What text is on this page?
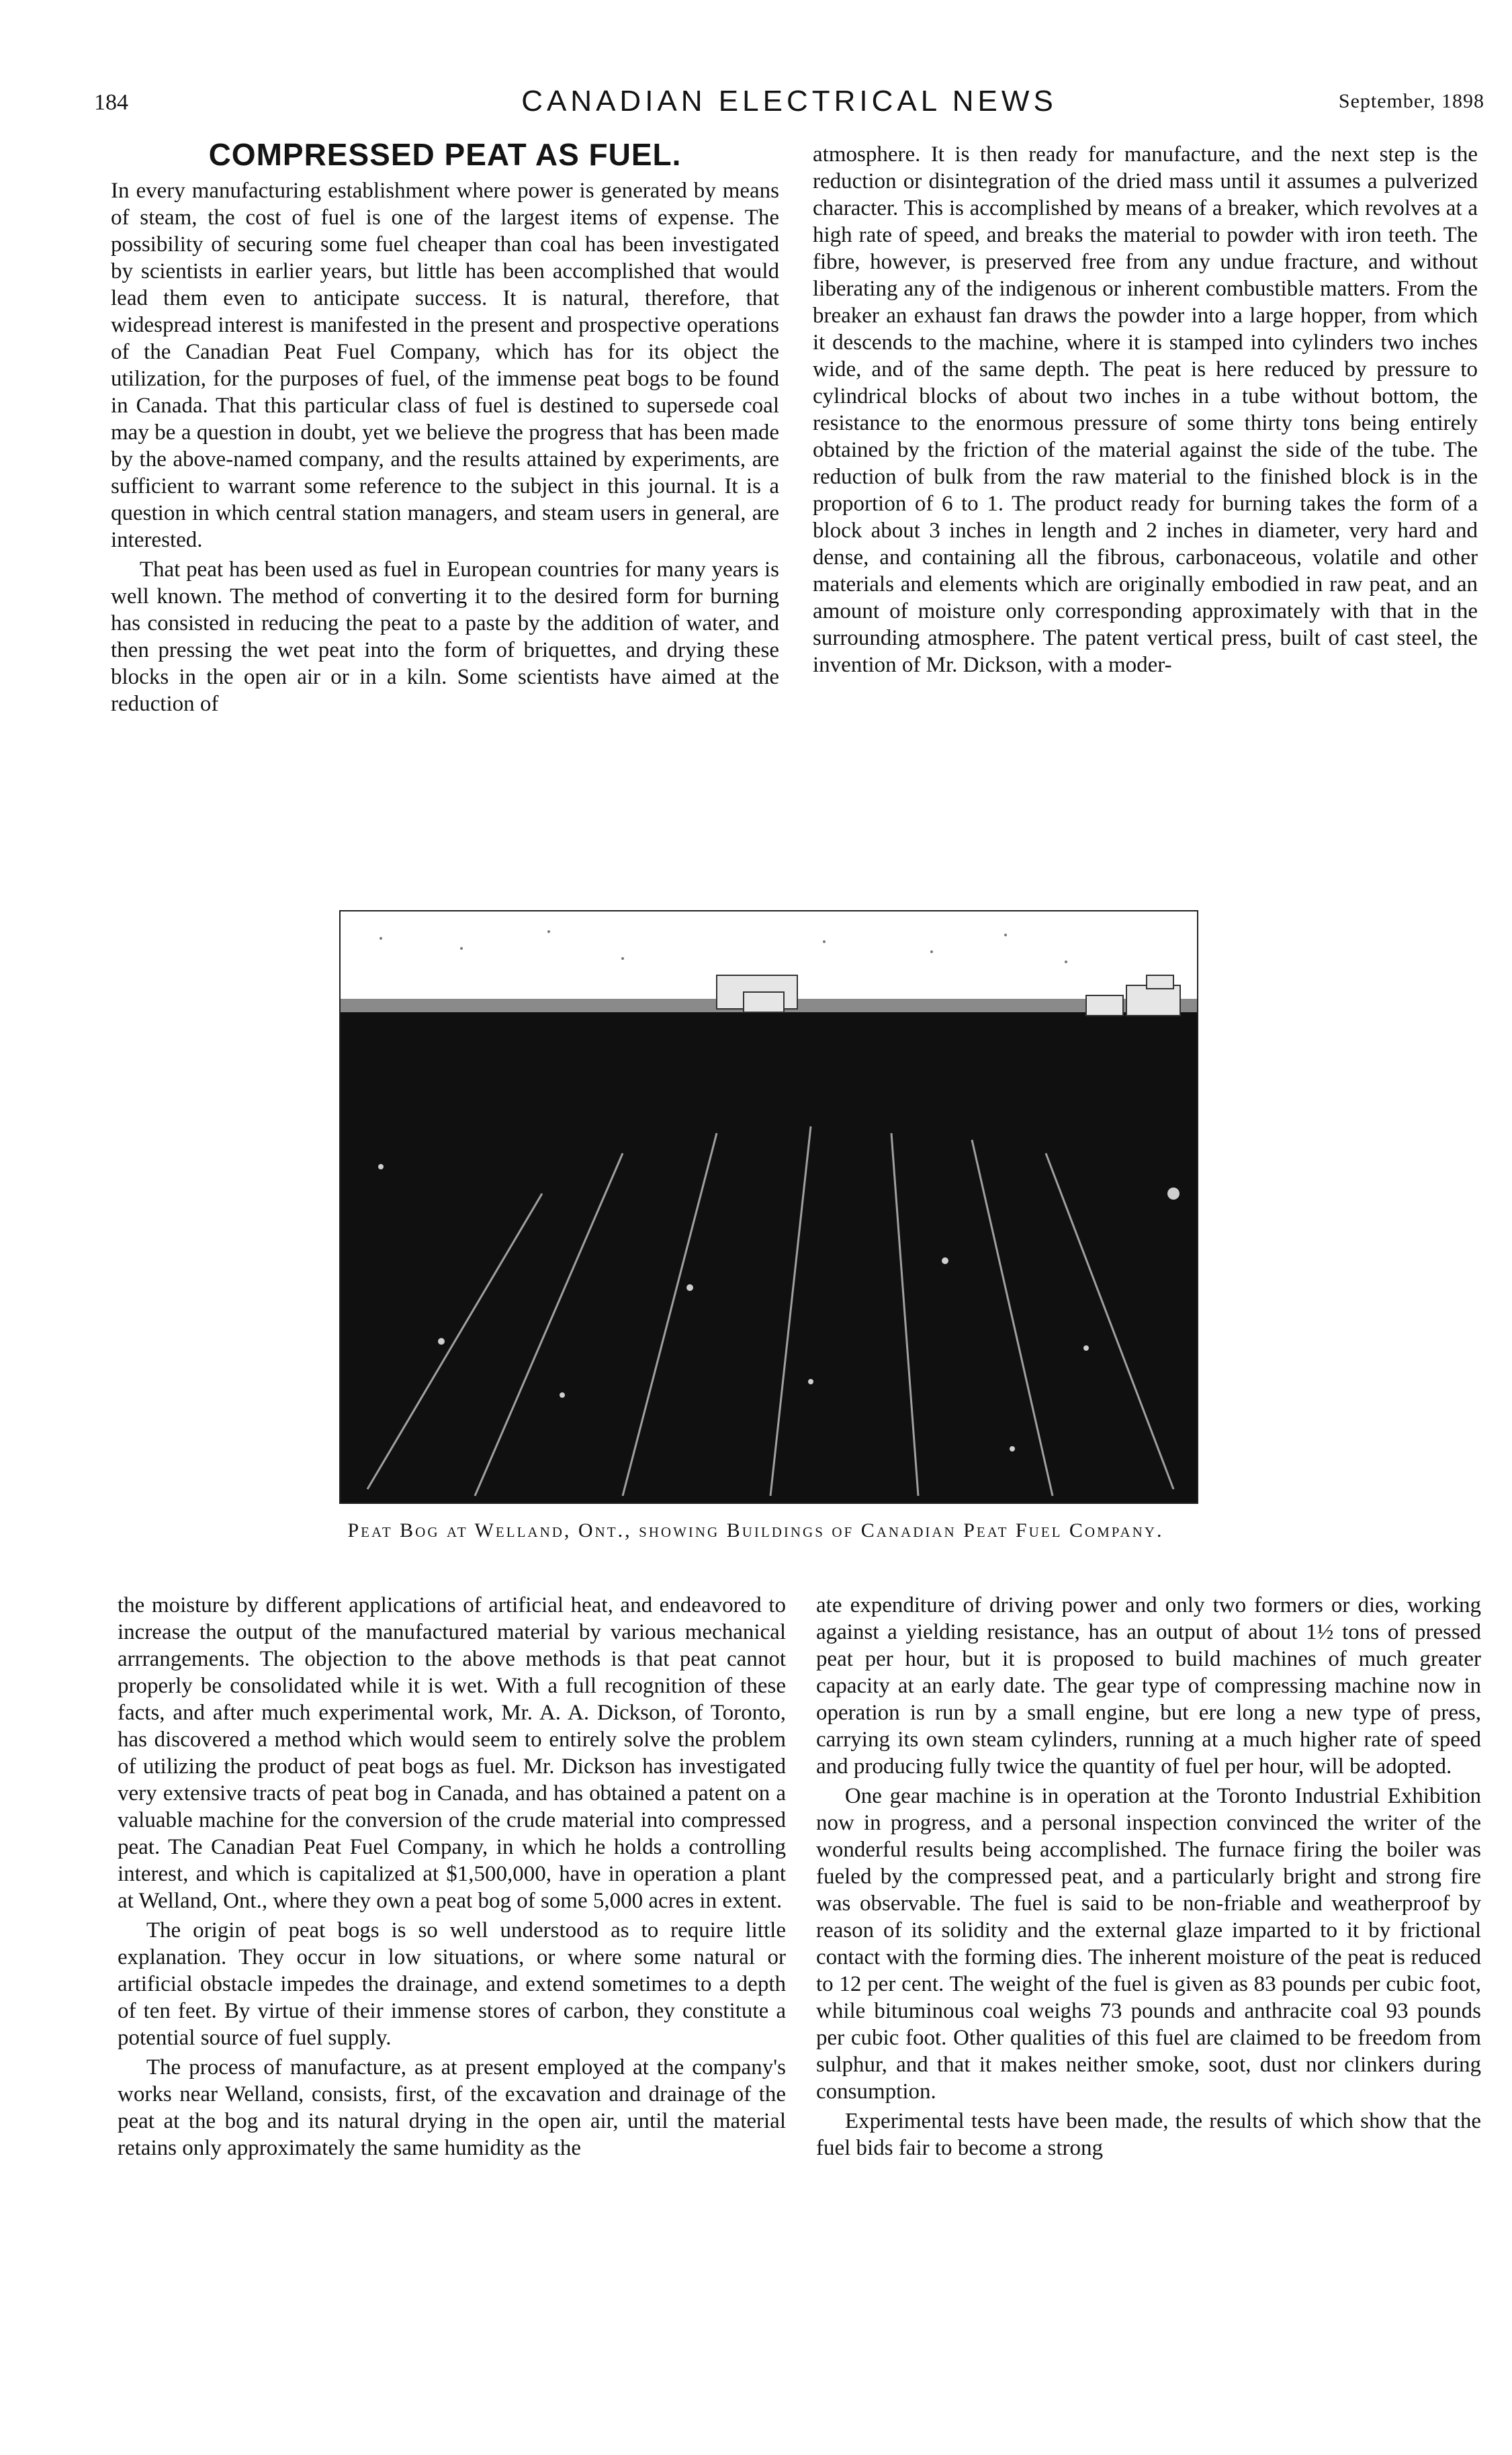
184	CANADIAN ELECTRICAL NEWS	September, 1898
COMPRESSED PEAT AS FUEL.

In every manufacturing establishment where power is generated by means of steam, the cost of fuel is one of the largest items of expense. The possibility of securing some fuel cheaper than coal has been investigated by scientists in earlier years, but little has been accomplished that would lead them even to anticipate success. It is natural, therefore, that widespread interest is manifested in the present and prospective operations of the Canadian Peat Fuel Company, which has for its object the utilization, for the purposes of fuel, of the immense peat bogs to be found in Canada. That this particular class of fuel is destined to supersede coal may be a question in doubt, yet we believe the progress that has been made by the above-named company, and the results attained by experiments, are sufficient to warrant some reference to the subject in this journal. It is a question in which central station managers, and steam users in general, are interested.

That peat has been used as fuel in European countries for many years is well known. The method of converting it to the desired form for burning has consisted in reducing the peat to a paste by the addition of water, and then pressing the wet peat into the form of briquettes, and drying these blocks in the open air or in a kiln. Some scientists have aimed at the reduction of

atmosphere. It is then ready for manufacture, and the next step is the reduction or disintegration of the dried mass until it assumes a pulverized character. This is accomplished by means of a breaker, which revolves at a high rate of speed, and breaks the material to powder with iron teeth. The fibre, however, is preserved free from any undue fracture, and without liberating any of the indigenous or inherent combustible matters. From the breaker an exhaust fan draws the powder into a large hopper, from which it descends to the machine, where it is stamped into cylinders two inches wide, and of the same depth. The peat is here reduced by pressure to cylindrical blocks of about two inches in a tube without bottom, the resistance to the enormous pressure of some thirty tons being entirely obtained by the friction of the material against the side of the tube. The reduction of bulk from the raw material to the finished block is in the proportion of 6 to 1. The product ready for burning takes the form of a block about 3 inches in length and 2 inches in diameter, very hard and dense, and containing all the fibrous, carbonaceous, volatile and other materials and elements which are originally embodied in raw peat, and an amount of moisture only corresponding approximately with that in the surrounding atmosphere. The patent vertical press, built of cast steel, the invention of Mr. Dickson, with a moder-

Peat Bog at Welland, Ont., showing Buildings of Canadian Peat Fuel Company.

the moisture by different applications of artificial heat, and endeavored to increase the output of the manufactured material by various mechanical arrrangements. The objection to the above methods is that peat cannot properly be consolidated while it is wet. With a full recognition of these facts, and after much experimental work, Mr. A. A. Dickson, of Toronto, has discovered a method which would seem to entirely solve the problem of utilizing the product of peat bogs as fuel. Mr. Dickson has investigated very extensive tracts of peat bog in Canada, and has obtained a patent on a valuable machine for the conversion of the crude material into compressed peat. The Canadian Peat Fuel Company, in which he holds a controlling interest, and which is capitalized at $1,500,000, have in operation a plant at Welland, Ont., where they own a peat bog of some 5,000 acres in extent.

The origin of peat bogs is so well understood as to require little explanation. They occur in low situations, or where some natural or artificial obstacle impedes the drainage, and extend sometimes to a depth of ten feet. By virtue of their immense stores of carbon, they constitute a potential source of fuel supply.

The process of manufacture, as at present employed at the company's works near Welland, consists, first, of the excavation and drainage of the peat at the bog and its natural drying in the open air, until the material retains only approximately the same humidity as the

ate expenditure of driving power and only two formers or dies, working against a yielding resistance, has an output of about 1½ tons of pressed peat per hour, but it is proposed to build machines of much greater capacity at an early date. The gear type of compressing machine now in operation is run by a small engine, but ere long a new type of press, carrying its own steam cylinders, running at a much higher rate of speed and producing fully twice the quantity of fuel per hour, will be adopted.

One gear machine is in operation at the Toronto Industrial Exhibition now in progress, and a personal inspection convinced the writer of the wonderful results being accomplished. The furnace firing the boiler was fueled by the compressed peat, and a particularly bright and strong fire was observable. The fuel is said to be non-friable and weatherproof by reason of its solidity and the external glaze imparted to it by frictional contact with the forming dies. The inherent moisture of the peat is reduced to 12 per cent. The weight of the fuel is given as 83 pounds per cubic foot, while bituminous coal weighs 73 pounds and anthracite coal 93 pounds per cubic foot. Other qualities of this fuel are claimed to be freedom from sulphur, and that it makes neither smoke, soot, dust nor clinkers during consumption.

Experimental tests have been made, the results of which show that the fuel bids fair to become a strong
